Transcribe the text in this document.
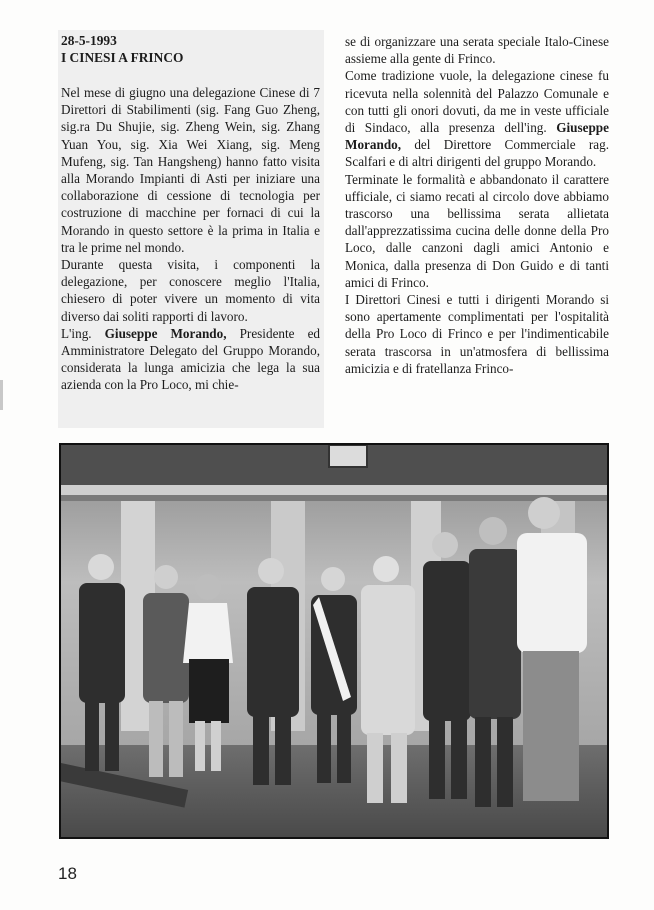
28-5-1993
I CINESI A FRINCO

Nel mese di giugno una delegazione Cinese di 7 Direttori di Stabilimenti (sig. Fang Guo Zheng, sig.ra Du Shujie, sig. Zheng Wein, sig. Zhang Yuan You, sig. Xia Wei Xiang, sig. Meng Mufeng, sig. Tan Hangsheng) hanno fatto visita alla Morando Impianti di Asti per iniziare una collaborazione di cessione di tecnologia per costruzione di macchine per fornaci di cui la Morando in questo settore è la prima in Italia e tra le prime nel mondo.

Durante questa visita, i componenti la delegazione, per conoscere meglio l'Italia, chiesero di poter vivere un momento di vita diverso dai soliti rapporti di lavoro.

L'ing. Giuseppe Morando, Presidente ed Amministratore Delegato del Gruppo Morando, considerata la lunga amicizia che lega la sua azienda con la Pro Loco, mi chie-

se di organizzare una serata speciale Italo-Cinese assieme alla gente di Frinco.

Come tradizione vuole, la delegazione cinese fu ricevuta nella solennità del Palazzo Comunale e con tutti gli onori dovuti, da me in veste ufficiale di Sindaco, alla presenza dell'ing. Giuseppe Morando, del Direttore Commerciale rag. Scalfari e di altri dirigenti del gruppo Morando.

Terminate le formalità e abbandonato il carattere ufficiale, ci siamo recati al circolo dove abbiamo trascorso una bellissima serata allietata dall'apprezzatissima cucina delle donne della Pro Loco, dalle canzoni dagli amici Antonio e Monica, dalla presenza di Don Guido e di tanti amici di Frinco.

I Direttori Cinesi e tutti i dirigenti Morando si sono apertamente complimentati per l'ospitalità della Pro Loco di Frinco e per l'indimenticabile serata trascorsa in un'atmosfera di bellissima amicizia e di fratellanza Frinco-

18
